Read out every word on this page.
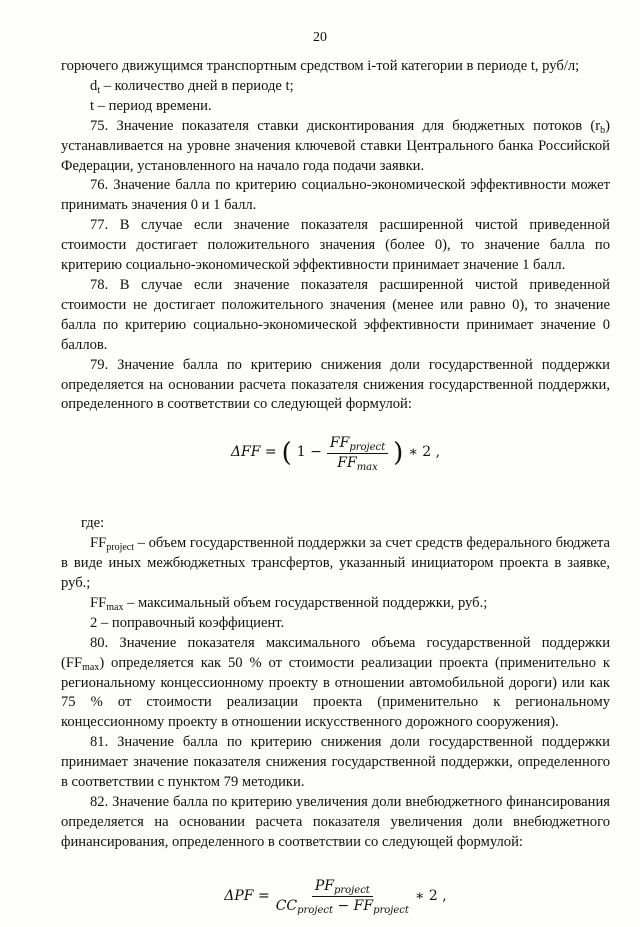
20

горючего движущимся транспортным средством i-той категории в периоде t, руб/л;

$d_t$ – количество дней в периоде t;

t – период времени.

75. Значение показателя ставки дисконтирования для бюджетных потоков $(r_b)$ устанавливается на уровне значения ключевой ставки Центрального банка Российской Федерации, установленного на начало года подачи заявки.

76. Значение балла по критерию социально-экономической эффективности может принимать значения 0 и 1 балл.

77. В случае если значение показателя расширенной чистой приведенной стоимости достигает положительного значения (более 0), то значение балла по критерию социально-экономической эффективности принимает значение 1 балл.

78. В случае если значение показателя расширенной чистой приведенной стоимости не достигает положительного значения (менее или равно 0), то значение балла по критерию социально-экономической эффективности принимает значение 0 баллов.

79. Значение балла по критерию снижения доли государственной поддержки определяется на основании расчета показателя снижения государственной поддержки, определенного в соответствии со следующей формулой:

ΔFF = ( $1 - \frac{FF_{project}}{FF_{max}}$ ) ∗ 2 ,

где:

$FF_{project}$ – объем государственной поддержки за счет средств федерального бюджета в виде иных межбюджетных трансфертов, указанный инициатором проекта в заявке, руб.;

$FF_{max}$ – максимальный объем государственной поддержки, руб.;

2 – поправочный коэффициент.

80. Значение показателя максимального объема государственной поддержки $(FF_{max})$ определяется как 50 % от стоимости реализации проекта (применительно к региональному концессионному проекту в отношении автомобильной дороги) или как 75 % от стоимости реализации проекта (применительно к региональному концессионному проекту в отношении искусственного дорожного сооружения).

81. Значение балла по критерию снижения доли государственной поддержки принимает значение показателя снижения государственной поддержки, определенного в соответствии с пунктом 79 методики.

82. Значение балла по критерию увеличения доли внебюджетного финансирования определяется на основании расчета показателя увеличения доли внебюджетного финансирования, определенного в соответствии со следующей формулой:

$\Delta PF = \frac{PF_{project}}{CC_{project} - FF_{project}}$ ∗ 2 ,
